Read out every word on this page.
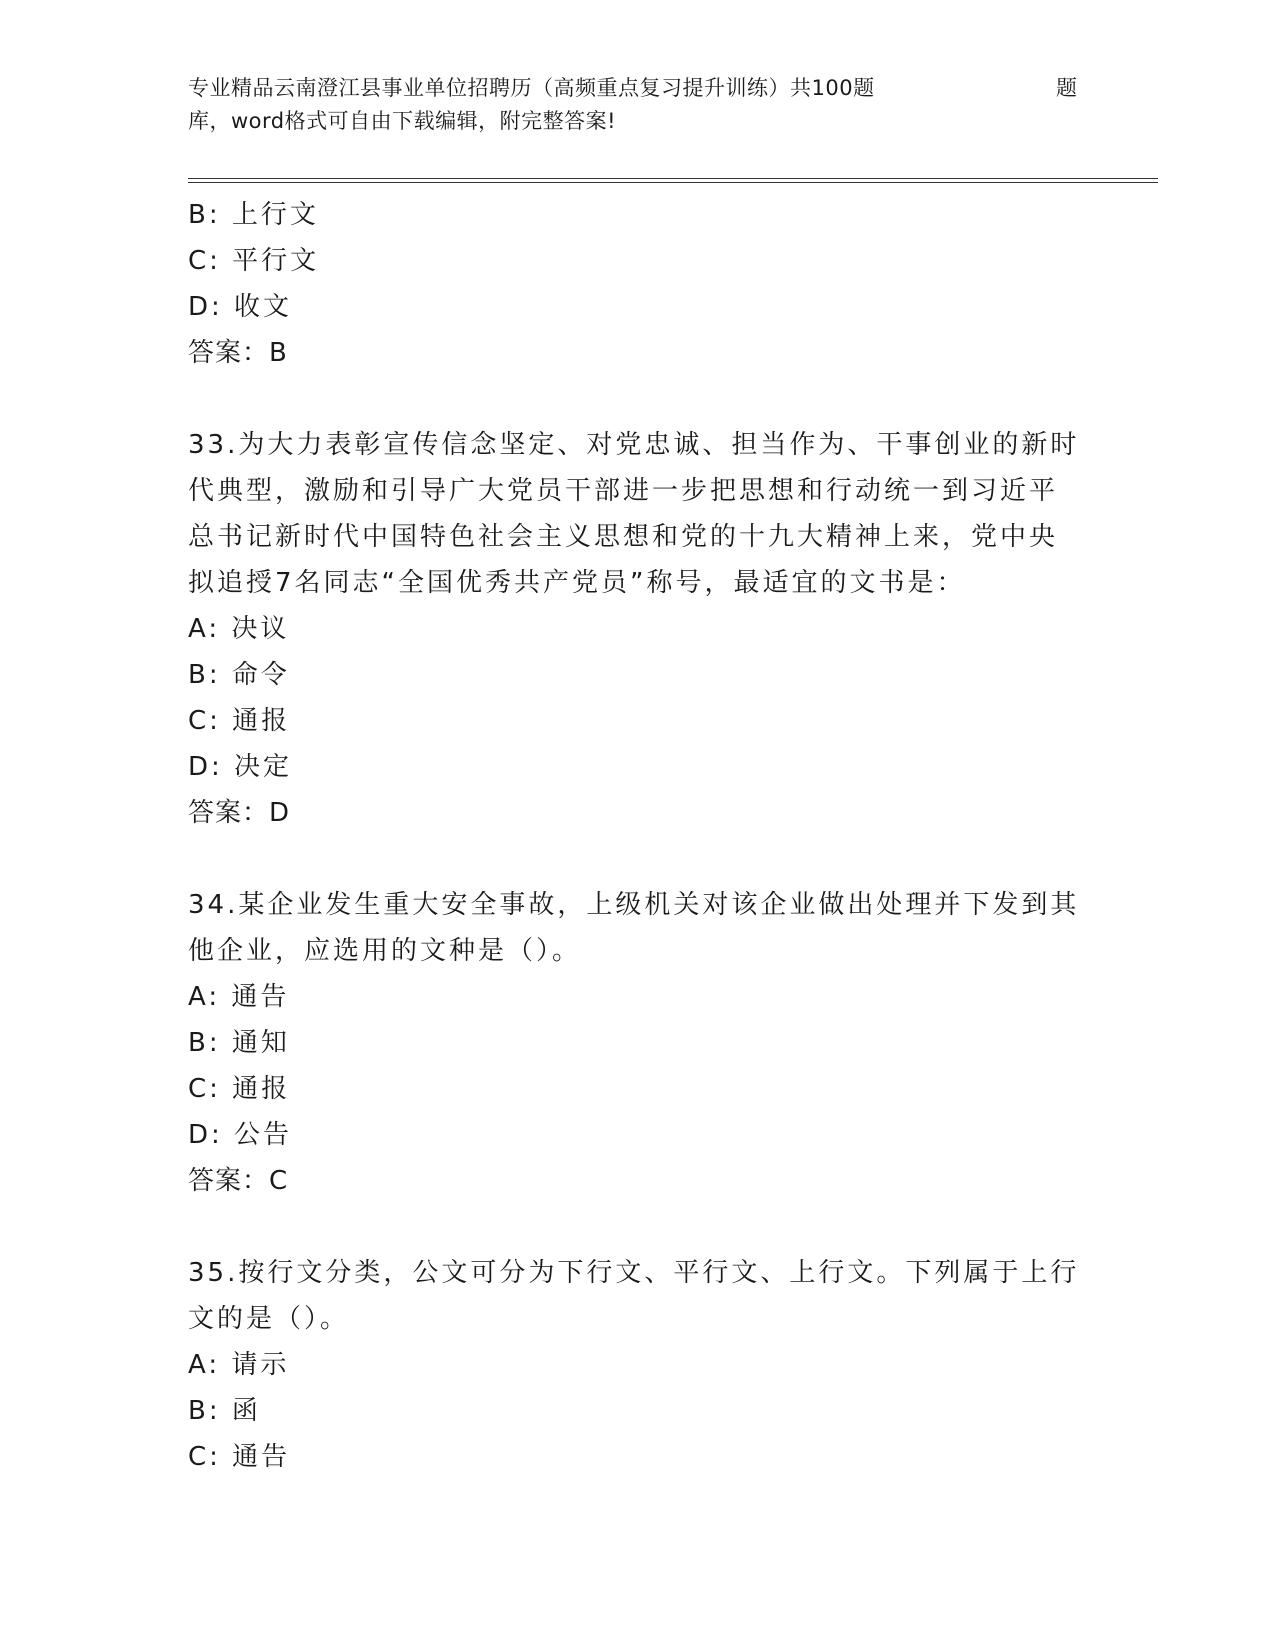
专业精品云南澄江县事业单位招聘历（高频重点复习提升训练）共100题	题
库，word格式可自由下载编辑，附完整答案!
B: 上行文
C: 平行文
D: 收文
答案：B
33.为大力表彰宣传信念坚定、对党忠诚、担当作为、干事创业的新时
代典型，激励和引导广大党员干部进一步把思想和行动统一到习近平
总书记新时代中国特色社会主义思想和党的十九大精神上来，党中央
拟追授7名同志“全国优秀共产党员”称号，最适宜的文书是：
A: 决议
B: 命令
C: 通报
D: 决定
答案：D
34.某企业发生重大安全事故，上级机关对该企业做出处理并下发到其
他企业，应选用的文种是（）。
A: 通告
B: 通知
C: 通报
D: 公告
答案：C
35.按行文分类，公文可分为下行文、平行文、上行文。下列属于上行
文的是（）。
A: 请示
B: 函
C: 通告
